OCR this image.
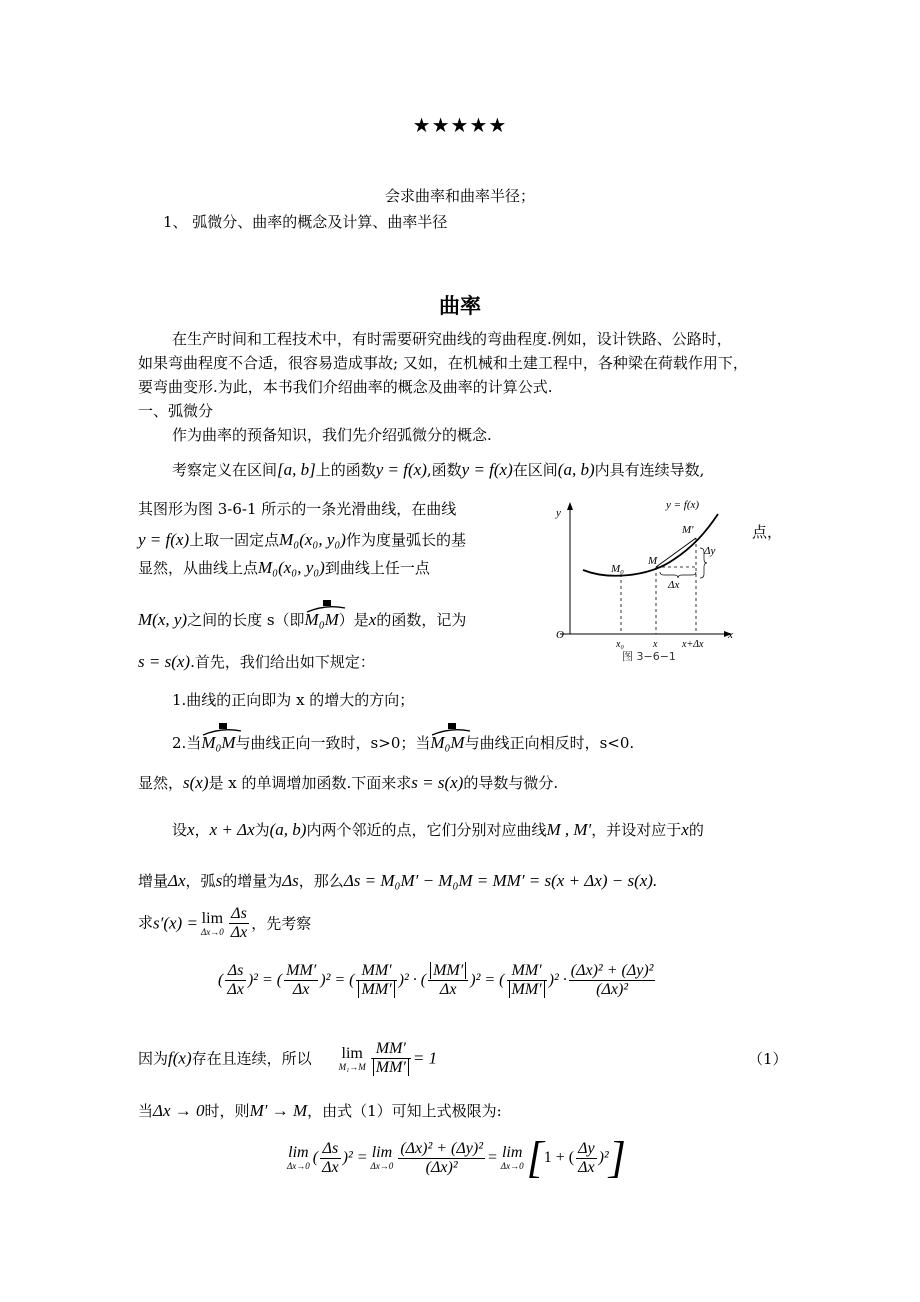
★★★★★
会求曲率和曲率半径；
1、 弧微分、曲率的概念及计算、曲率半径
曲率
在生产时间和工程技术中，有时需要研究曲线的弯曲程度.例如，设计铁路、公路时，
如果弯曲程度不合适，很容易造成事故; 又如，在机械和土建工程中，各种梁在荷载作用下，
要弯曲变形.为此，本书我们介绍曲率的概念及曲率的计算公式.
一、弧微分
作为曲率的预备知识，我们先介绍弧微分的概念.
考察定义在区间[a, b]上的函数y = f(x),函数y = f(x)在区间(a, b)内具有连续导数,
其图形为图 3-6-1 所示的一条光滑曲线，在曲线
点，
y = f(x)上取一固定点M₀(x₀, y₀)作为度量弧长的基
显然，从曲线上点M₀(x₀, y₀)到曲线上任一点
M(x, y)之间的长度 s（即
M₀M）是x的函数，记为
s = s(x).首先，我们给出如下规定：
y = f(x)
y
x
O
M₀
M
M′
Δy
Δx
x₀	x x+Δx
图 3−6−1
1.曲线的正向即为 x 的增大的方向；
2.当
M₀M与曲线正向一致时，s>0；当
M₀M与曲线正向相反时，s<0.
显然，s(x)是 x 的单调增加函数.下面来求s = s(x)的导数与微分.
设x，x + Δx为(a, b)内两个邻近的点，它们分别对应曲线M , M′，并设对应于x的
增量Δx，弧s的增量为Δs，那么Δs = M₀M′ − M₀M = MM′ = s(x + Δx) − s(x).
求s′(x) = lim
$\Delta x\to 0 \frac{\Delta s}{\Delta x}$ ，先考察
( $\frac{\Delta s}{\Delta x} )^2$ = ( $\frac{MM'}{\Delta x} )^2$ = ( $\frac{MM'}{MM'} )^2$ · ( $\frac{MM'}{\Delta x} )^2$ = ( $\frac{MM'}{MM'} )^2 \cdot \frac{\text{(Δx)² + (Δy)²}}{\text{(Δx)²}}$
因为f(x)存在且连续，所以 lim
$M_1\to M \frac{MM'}{MM'} = 1$	（1）
当Δx → 0时，则M′ → M，由式（1）可知上式极限为:
lim
Δx→0 ( $\frac{\Delta s}{\Delta x} )^2 = \lim$
$\Delta x\to 0 \frac{\text{(Δx)² + (Δy)²}}{\text{(Δx)²}} = \lim$
Δx→0 [1 + ( $\frac{\Delta y}{\Delta x} )^2$]
